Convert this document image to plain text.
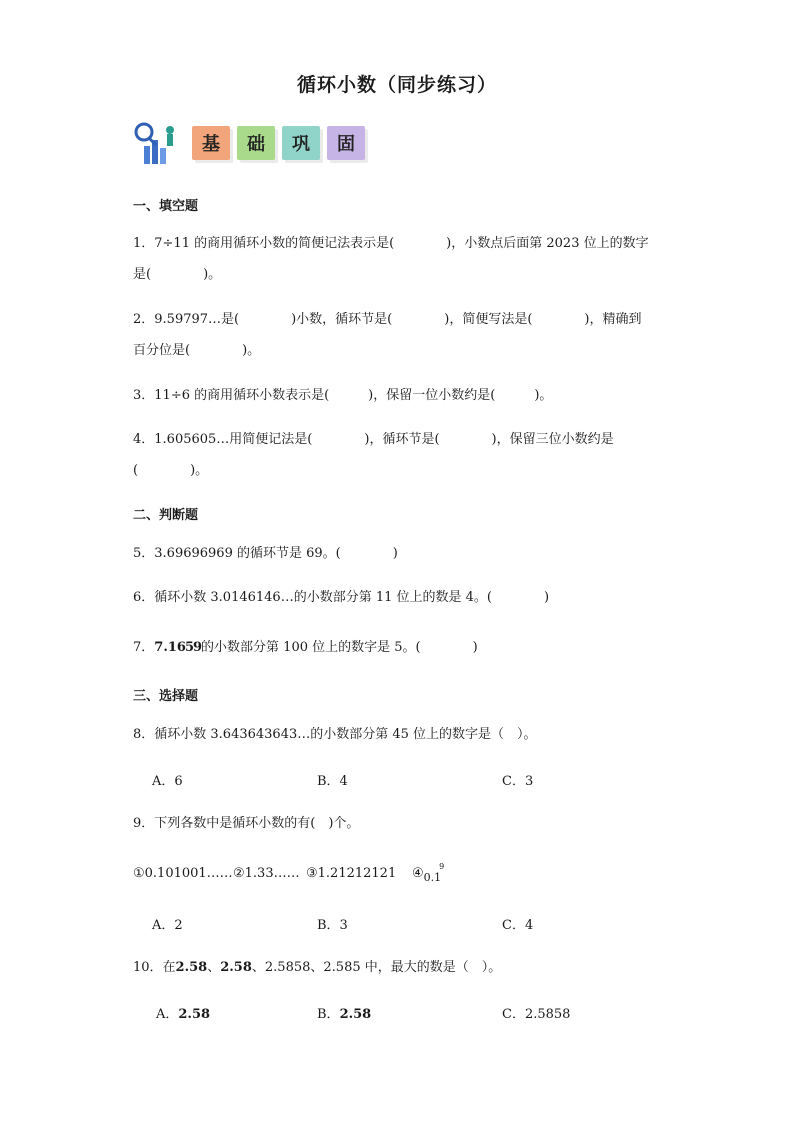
循环小数（同步练习）
基	础	巩	固
一、填空题
1．7÷11 的商用循环小数的简便记法表示是(　　　　)，小数点后面第 2023 位上的数字
是(　　　　)。
2．9.59797…是(　　　　)小数，循环节是(　　　　)，简便写法是(　　　　)，精确到
百分位是(　　　　)。
3．11÷6 的商用循环小数表示是(　　　)，保留一位小数约是(　　　)。
4．1.605605…用简便记法是(　　　　)，循环节是(　　　　)，保留三位小数约是
(　　　　)。
二、判断题
5．3.69696969 的循环节是 69。(　　　　)
6．循环小数 3.0146146…的小数部分第 11 位上的数是 4。(　　　　)
7．7.1659的小数部分第 100 位上的数字是 5。(　　　　)
三、选择题
8．循环小数 3.643643643…的小数部分第 45 位上的数字是（　）。
A．6	B．4	C．3
9．下列各数中是循环小数的有(　)个。
①0.101001…… ②1.33…… ③1.21212121 $④_{0.1}^9$
A．2	B．3	C．4
10．在2.58、2.58、2.5858、2.585 中，最大的数是（　）。
A．2.58	B．2.58	C．2.5858
